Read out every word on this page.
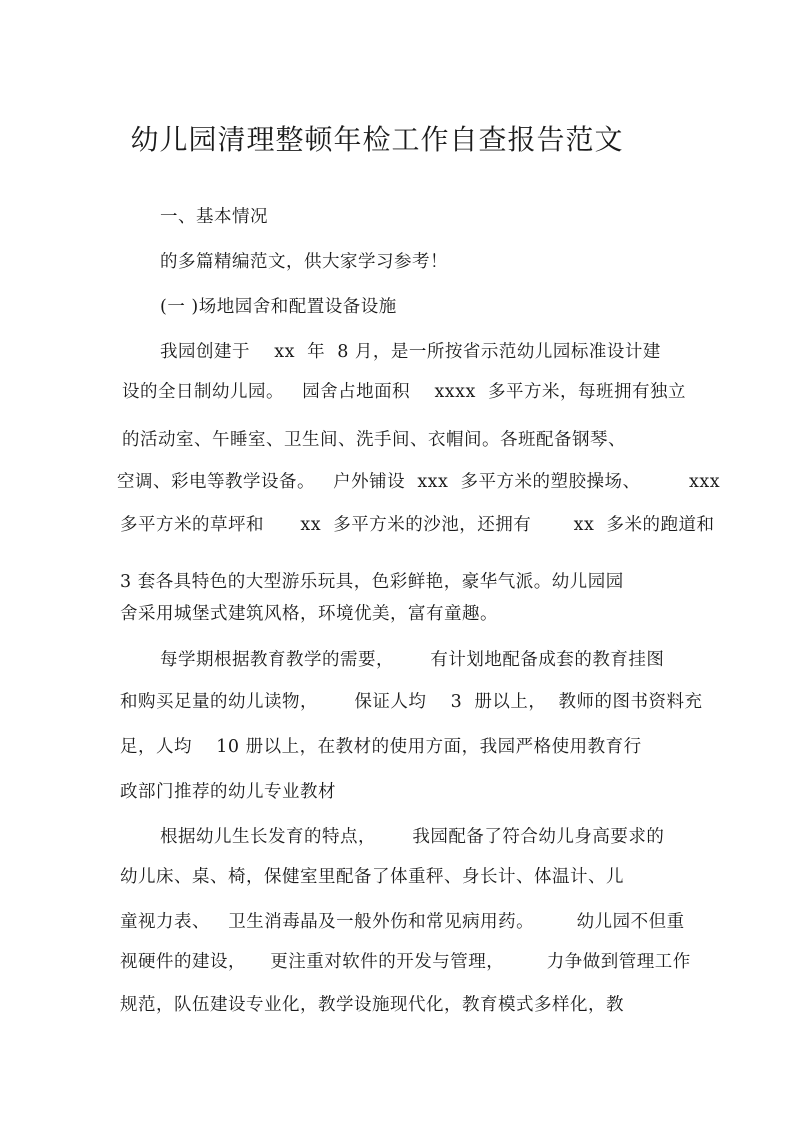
幼儿园清理整顿年检工作自查报告范文
一、基本情况
的多篇精编范文，供大家学习参考！
(一 )场地园舍和配置设备设施
我园创建于    xx  年  8 月，是一所按省示范幼儿园标准设计建
设的全日制幼儿园。   园舍占地面积    xxxx  多平方米，每班拥有独立
的活动室、午睡室、卫生间、洗手间、衣帽间。各班配备钢琴、
空调、彩电等教学设备。   户外铺设  xxx  多平方米的塑胶操场、        xxx
多平方米的草坪和      xx  多平方米的沙池，还拥有       xx  多米的跑道和
3 套各具特色的大型游乐玩具，色彩鲜艳，豪华气派。幼儿园园
舍采用城堡式建筑风格，环境优美，富有童趣。
每学期根据教育教学的需要，      有计划地配备成套的教育挂图
和购买足量的幼儿读物，      保证人均    3  册以上，  教师的图书资料充
足，人均    10 册以上，在教材的使用方面，我园严格使用教育行
政部门推荐的幼儿专业教材
根据幼儿生长发育的特点，      我园配备了符合幼儿身高要求的
幼儿床、桌、椅，保健室里配备了体重秤、身长计、体温计、儿
童视力表、   卫生消毒晶及一般外伤和常见病用药。       幼儿园不但重
视硬件的建设，    更注重对软件的开发与管理，       力争做到管理工作
规范，队伍建设专业化，教学设施现代化，教育模式多样化，教
